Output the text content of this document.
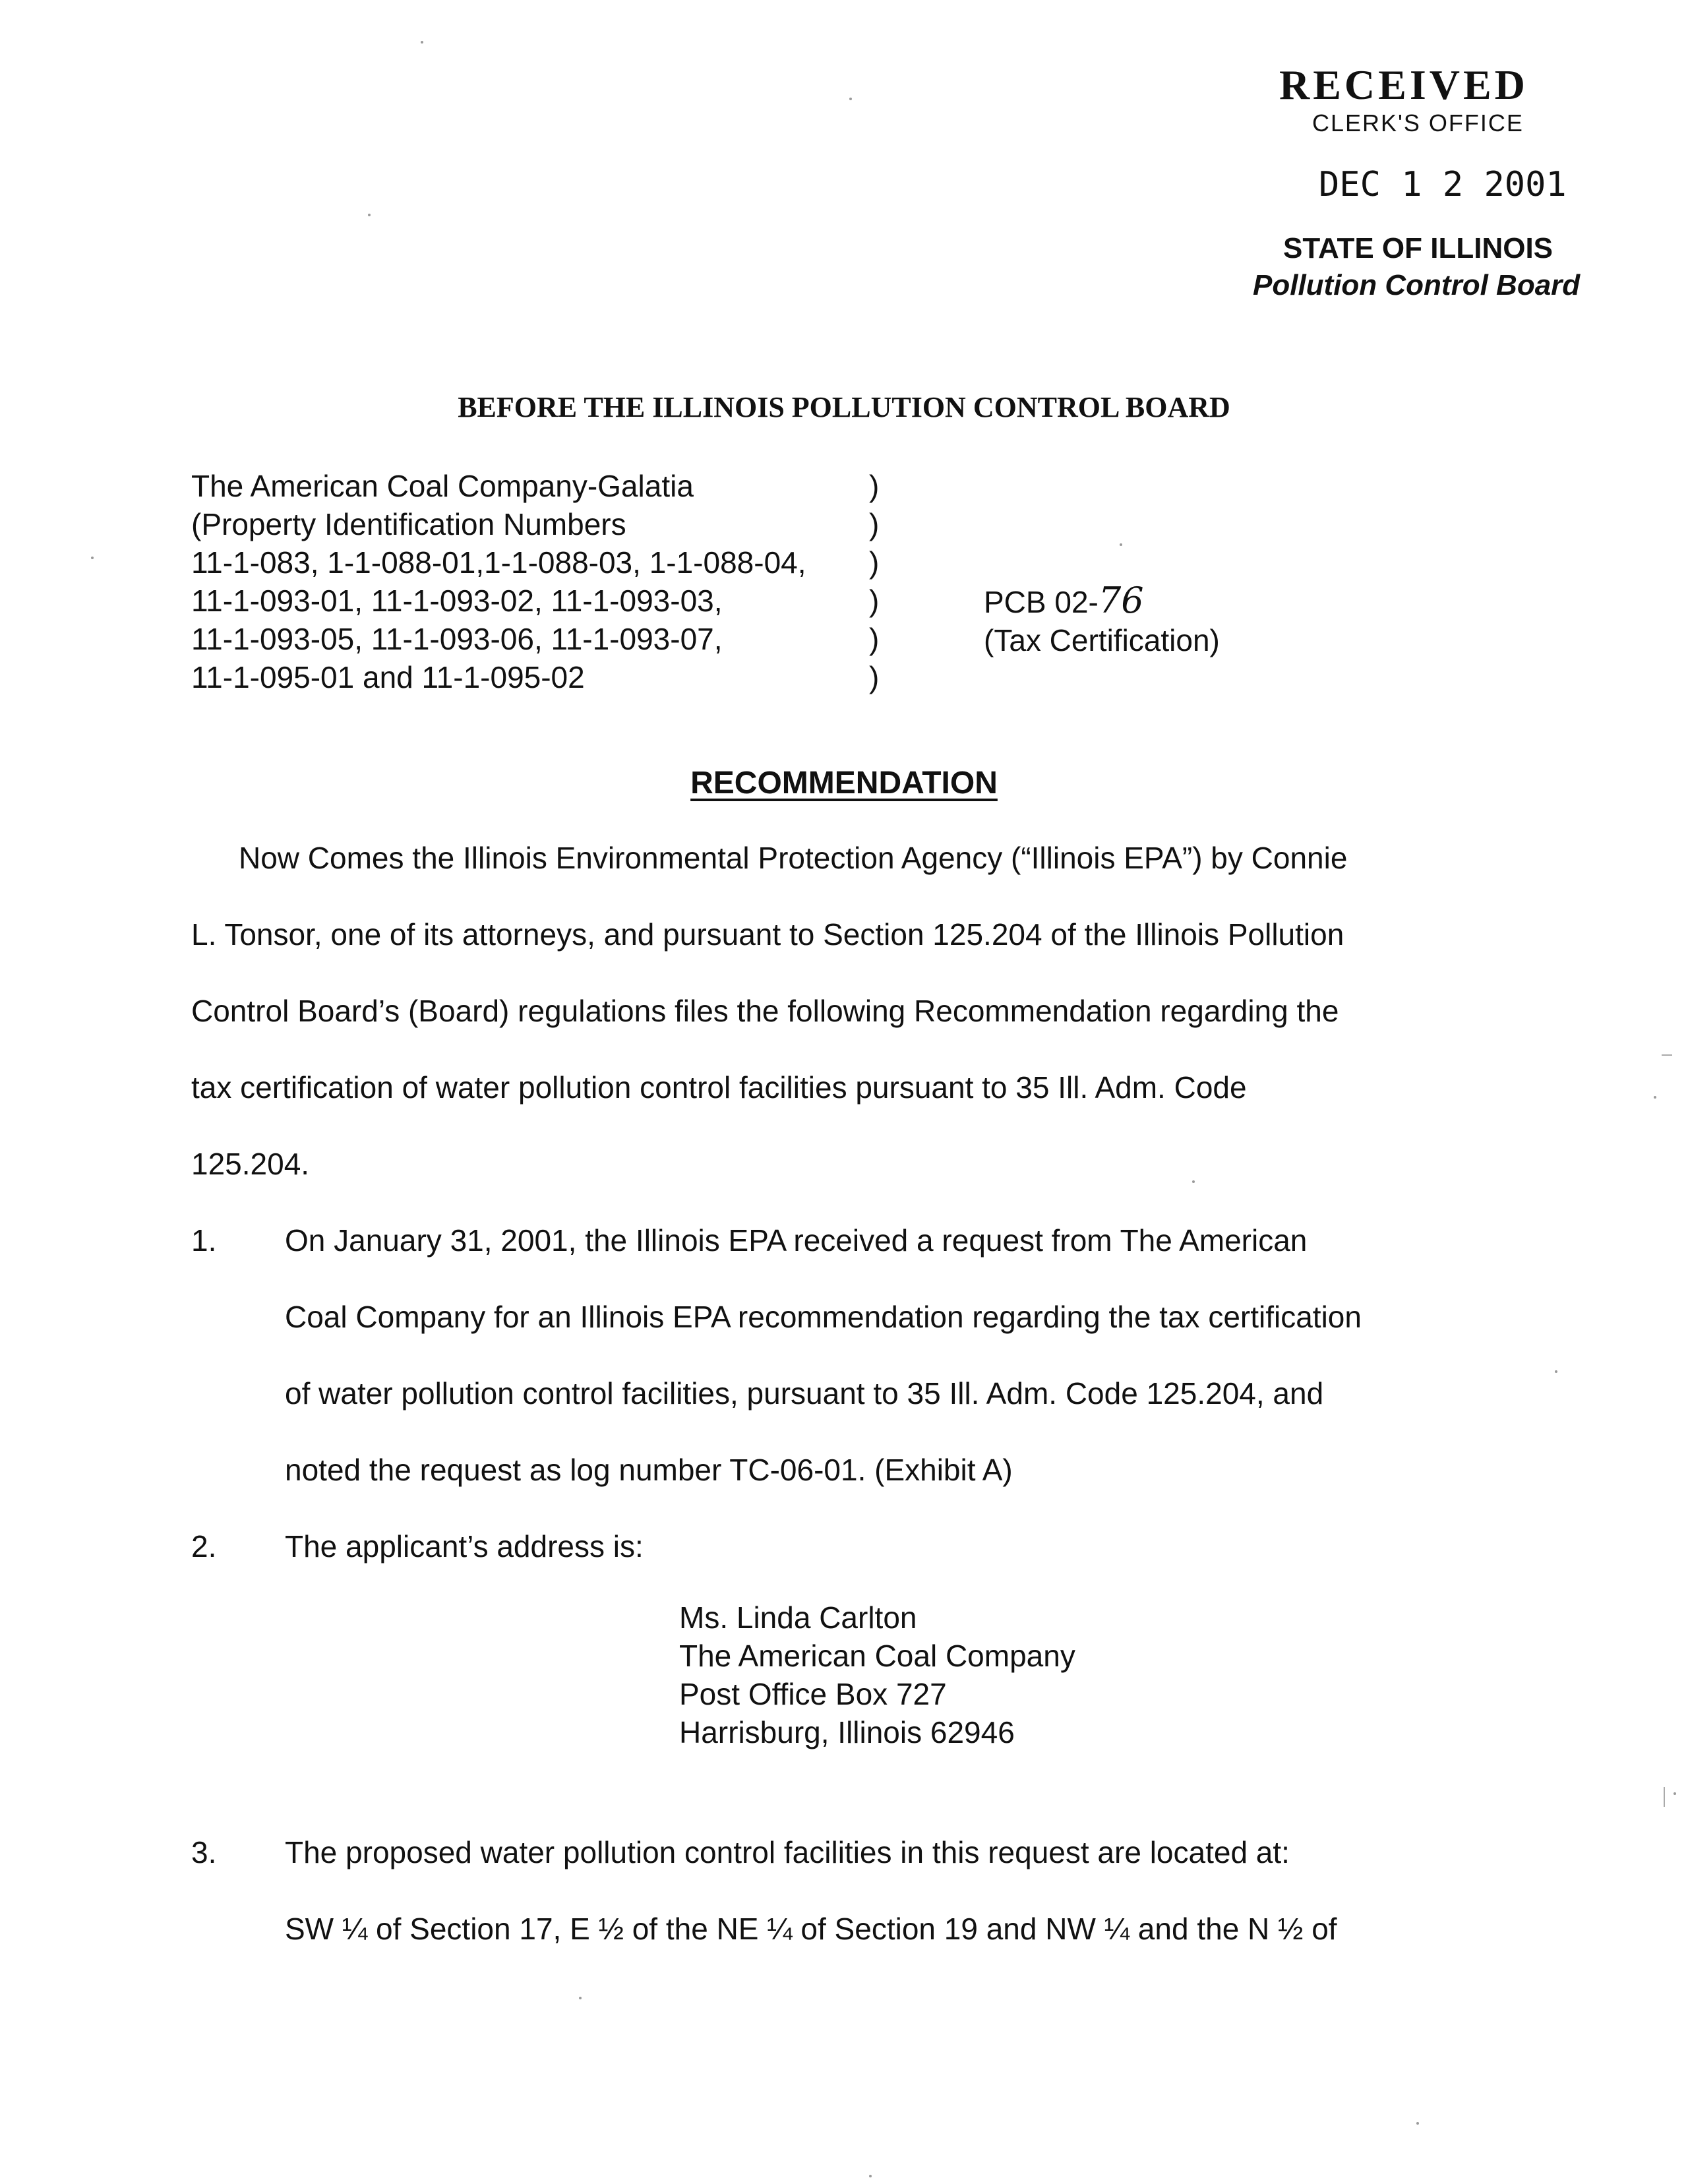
RECEIVED
CLERK'S OFFICE
DEC 1 2 2001
STATE OF ILLINOIS
Pollution Control Board
BEFORE THE ILLINOIS POLLUTION CONTROL BOARD
The American Coal Company-Galatia
(Property Identification Numbers
11-1-083, 1-1-088-01,1-1-088-03, 1-1-088-04,
11-1-093-01, 11-1-093-02, 11-1-093-03,
11-1-093-05, 11-1-093-06, 11-1-093-07,
11-1-095-01 and 11-1-095-02
)
)
)
)
)
)
PCB 02-76
(Tax Certification)
RECOMMENDATION
Now Comes the Illinois Environmental Protection Agency (“Illinois EPA”) by Connie
L. Tonsor, one of its attorneys, and pursuant to Section 125.204 of the Illinois Pollution
Control Board’s (Board) regulations files the following Recommendation regarding the
tax certification of water pollution control facilities pursuant to 35 Ill. Adm. Code
125.204.
1. On January 31, 2001, the Illinois EPA received a request from The American
Coal Company for an Illinois EPA recommendation regarding the tax certification
of water pollution control facilities, pursuant to 35 Ill. Adm. Code 125.204, and
noted the request as log number TC-06-01. (Exhibit A)
2. The applicant’s address is:
Ms. Linda Carlton
The American Coal Company
Post Office Box 727
Harrisburg, Illinois 62946
3. The proposed water pollution control facilities in this request are located at:
SW ¼ of Section 17, E ½ of the NE ¼ of Section 19 and NW ¼ and the N ½ of
